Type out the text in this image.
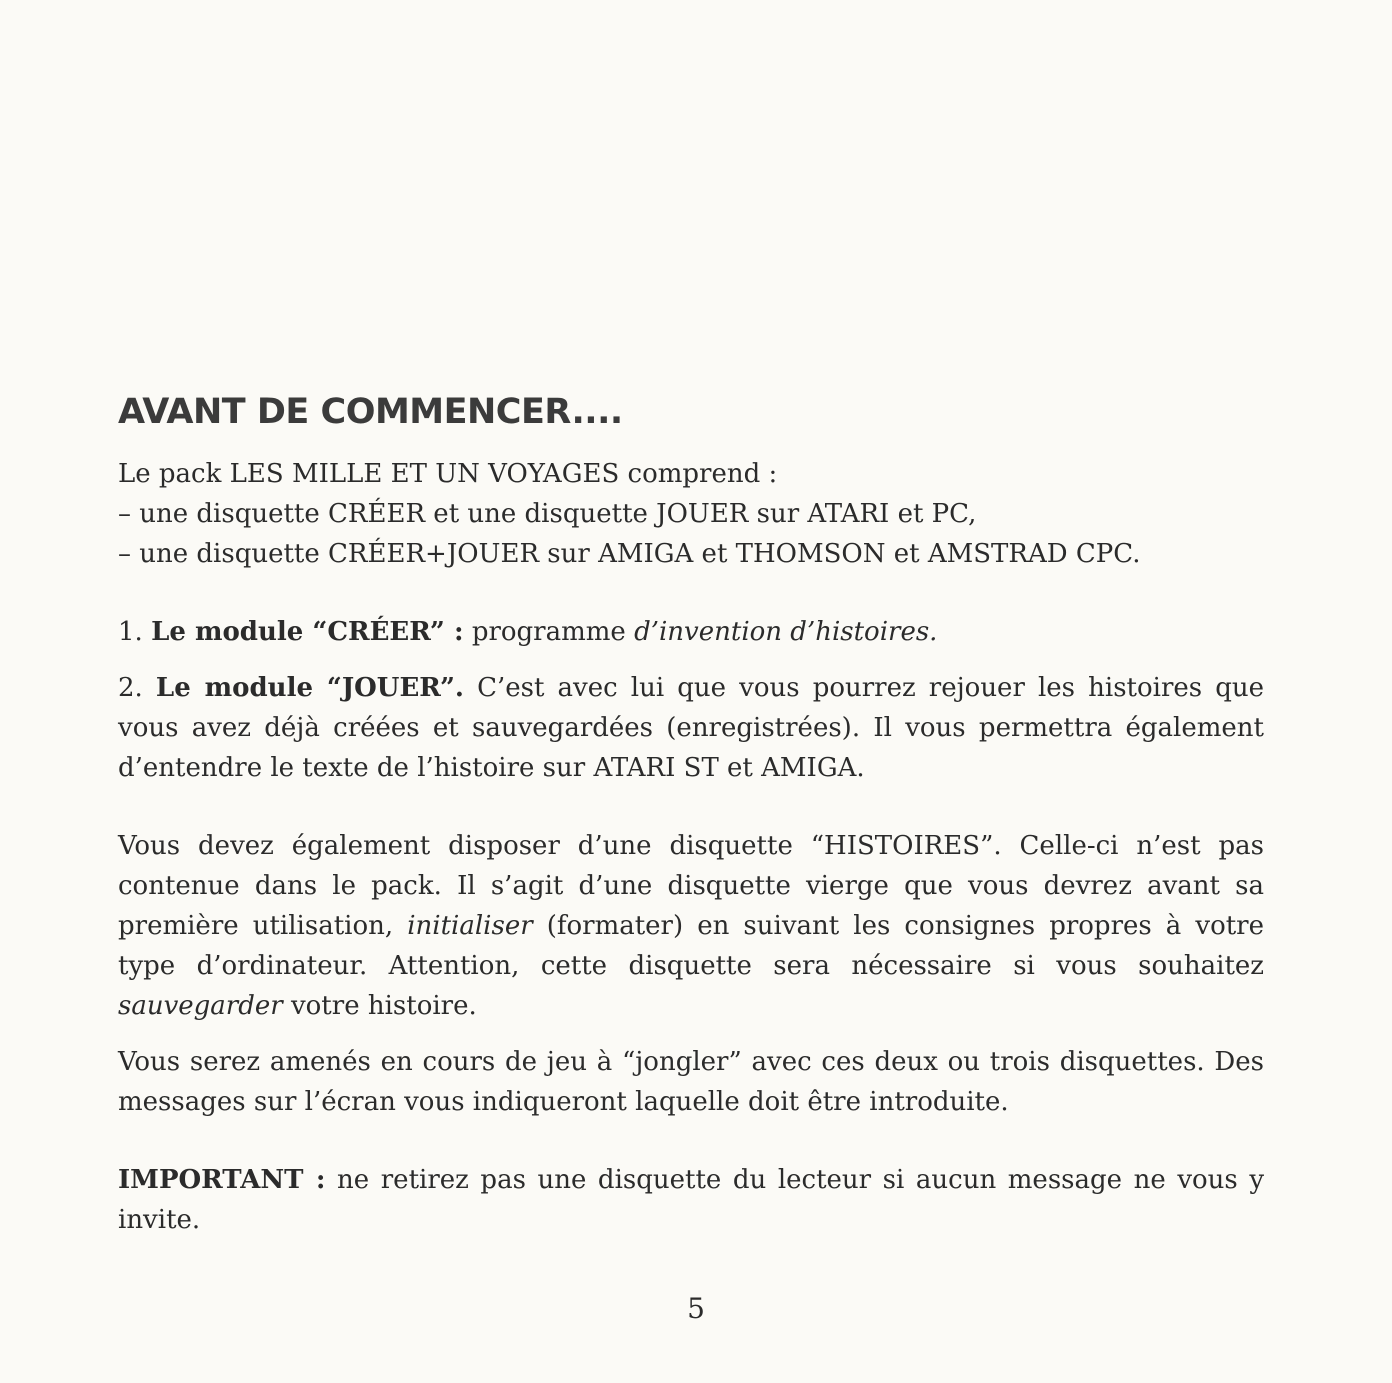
AVANT DE COMMENCER....

Le pack LES MILLE ET UN VOYAGES comprend :

– une disquette CRÉER et une disquette JOUER sur ATARI et PC,

– une disquette CRÉER+JOUER sur AMIGA et THOMSON et AMSTRAD CPC.

1. Le module “CRÉER” : programme d’invention d’histoires.

2. Le module “JOUER”. C’est avec lui que vous pourrez rejouer les histoires que vous avez déjà créées et sauvegardées (enregistrées). Il vous permettra également d’entendre le texte de l’histoire sur ATARI ST et AMIGA.

Vous devez également disposer d’une disquette “HISTOIRES”. Celle-ci n’est pas contenue dans le pack. Il s’agit d’une disquette vierge que vous devrez avant sa première utilisation, initialiser (formater) en suivant les consignes propres à votre type d’ordinateur. Attention, cette disquette sera nécessaire si vous souhaitez sauvegarder votre histoire.

Vous serez amenés en cours de jeu à “jongler” avec ces deux ou trois disquettes. Des messages sur l’écran vous indiqueront laquelle doit être introduite.

IMPORTANT : ne retirez pas une disquette du lecteur si aucun message ne vous y invite.

5
